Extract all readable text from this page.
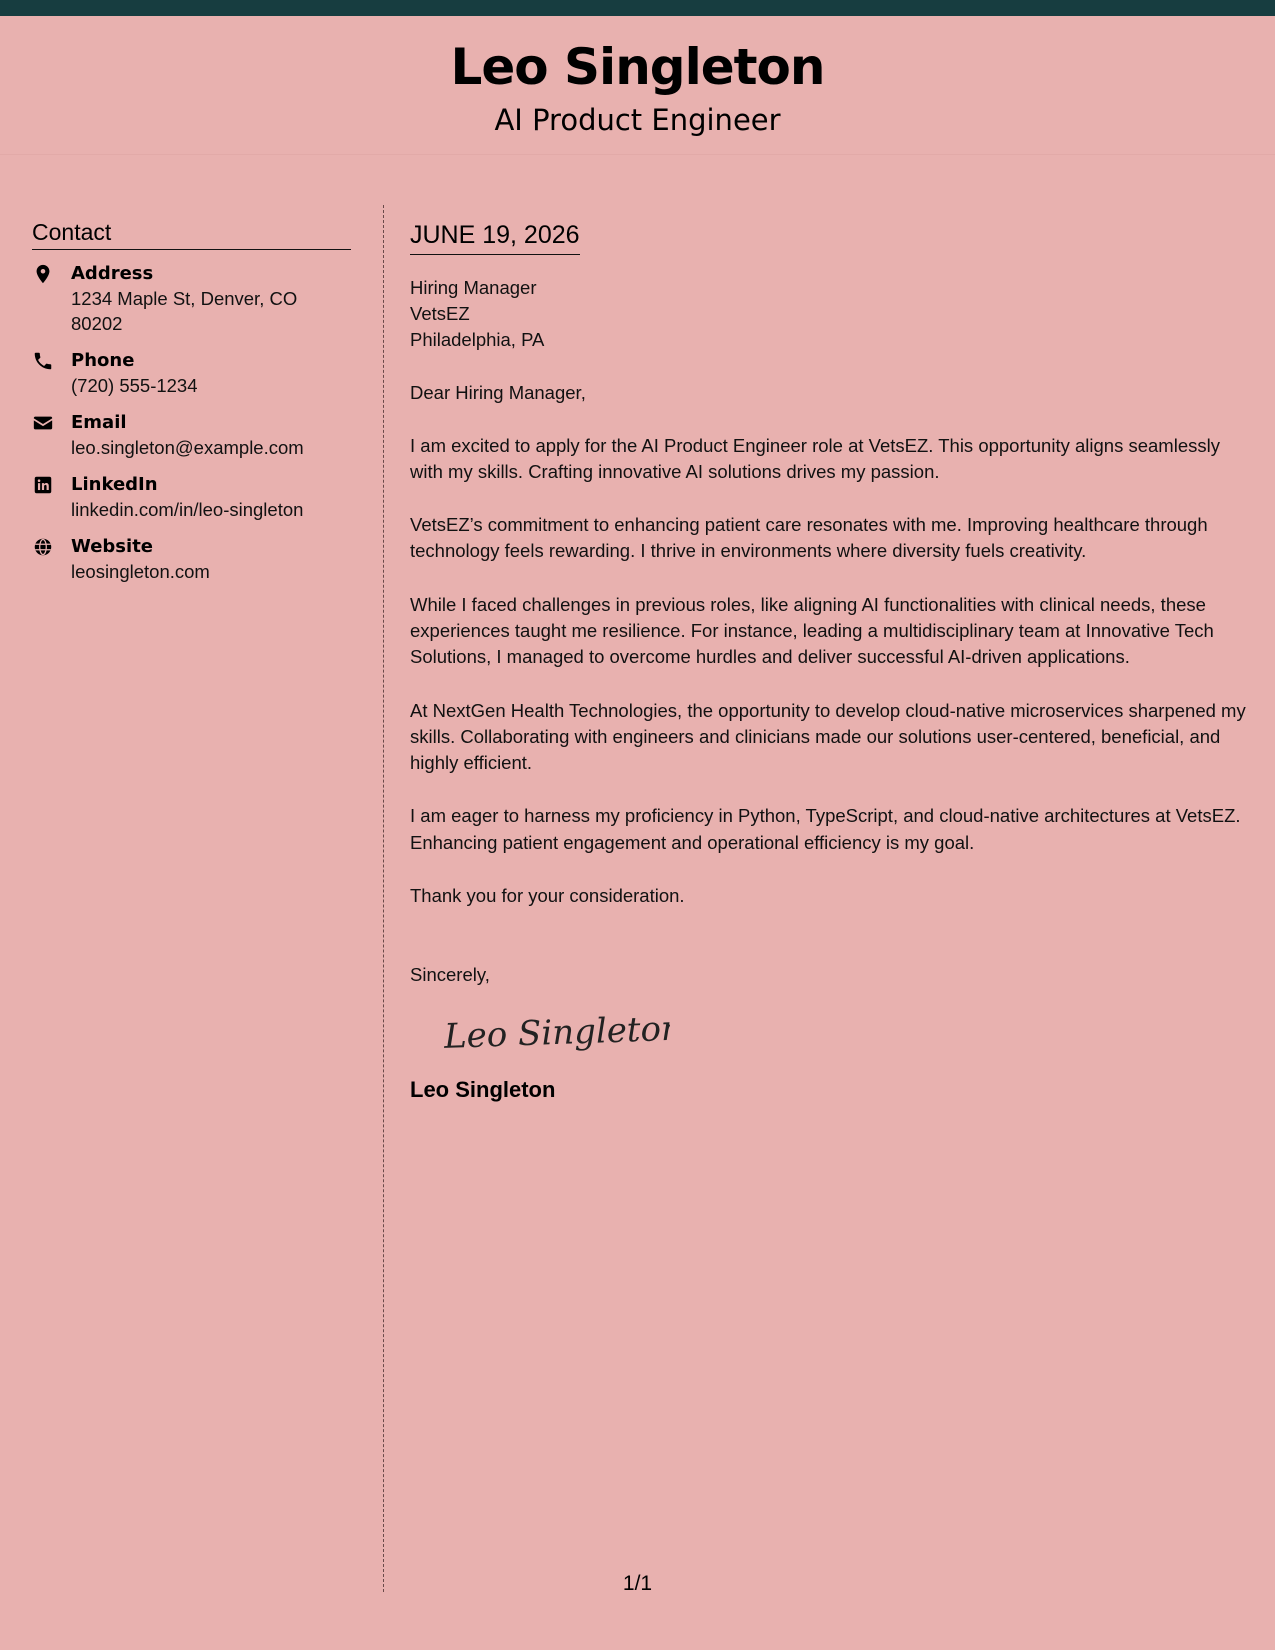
Leo Singleton
AI Product Engineer
Contact
Address
1234 Maple St, Denver, CO 80202
Phone
(720) 555-1234
Email
leo.singleton@example.com
LinkedIn
linkedin.com/in/leo-singleton
Website
leosingleton.com
JUNE 19, 2026
Hiring Manager
VetsEZ
Philadelphia, PA
Dear Hiring Manager,
I am excited to apply for the AI Product Engineer role at VetsEZ. This opportunity aligns seamlessly with my skills. Crafting innovative AI solutions drives my passion.
VetsEZ’s commitment to enhancing patient care resonates with me. Improving healthcare through technology feels rewarding. I thrive in environments where diversity fuels creativity.
While I faced challenges in previous roles, like aligning AI functionalities with clinical needs, these experiences taught me resilience. For instance, leading a multidisciplinary team at Innovative Tech Solutions, I managed to overcome hurdles and deliver successful AI-driven applications.
At NextGen Health Technologies, the opportunity to develop cloud-native microservices sharpened my skills. Collaborating with engineers and clinicians made our solutions user-centered, beneficial, and highly efficient.
I am eager to harness my proficiency in Python, TypeScript, and cloud-native architectures at VetsEZ. Enhancing patient engagement and operational efficiency is my goal.
Thank you for your consideration.
Sincerely,
Leo Singleton
Leo Singleton
1/1
